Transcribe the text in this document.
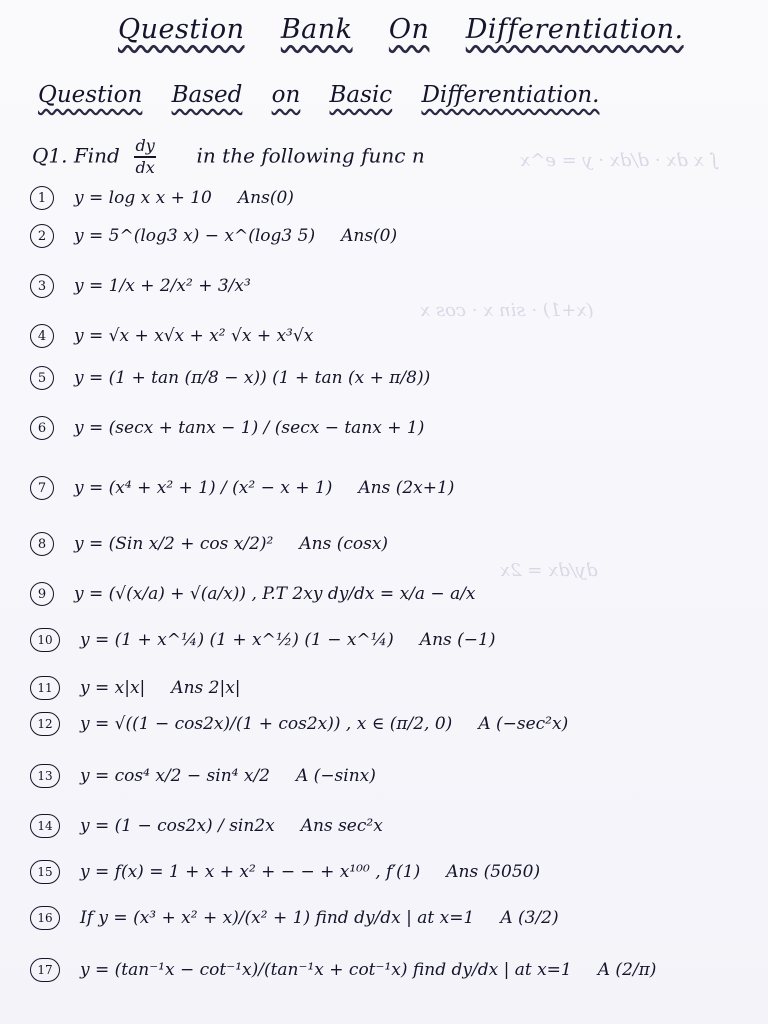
∫ x dx · d/dx · y = e^x
(x+1) · sin x · cos x
dy/dx = 2x
Question Bank On Differentiation.
Question Based on Basic Differentiation.
Q1. Find $\frac{dy}{dx}$ in the following func n
1	y = log x x + 10 Ans(0)
2	y = 5^(log3 x) − x^(log3 5) Ans(0)
3	y = 1/x + 2/x² + 3/x³
4	y = √x + x√x + x² √x + x³√x
5	y = (1 + tan (π/8 − x)) (1 + tan (x + π/8))
6	y = (secx + tanx − 1) / (secx − tanx + 1)
7	y = (x⁴ + x² + 1) / (x² − x + 1) Ans (2x+1)
8	y = (Sin x/2 + cos x/2)² Ans (cosx)
9	y = (√(x/a) + √(a/x)) , P.T 2xy dy/dx = x/a − a/x
10	y = (1 + x^¼) (1 + x^½) (1 − x^¼) Ans (−1)
11	y = x|x| Ans 2|x|
12	y = √((1 − cos2x)/(1 + cos2x)) , x ∈ (π/2, 0) A (−sec²x)
13	y = cos⁴ x/2 − sin⁴ x/2 A (−sinx)
14	y = (1 − cos2x) / sin2x Ans sec²x
15	y = f(x) = 1 + x + x² + − − + x¹⁰⁰ , f′(1) Ans (5050)
16	If y = (x³ + x² + x)/(x² + 1) find dy/dx | at x=1 A (3/2)
17	y = (tan⁻¹x − cot⁻¹x)/(tan⁻¹x + cot⁻¹x) find dy/dx | at x=1 A (2/π)
